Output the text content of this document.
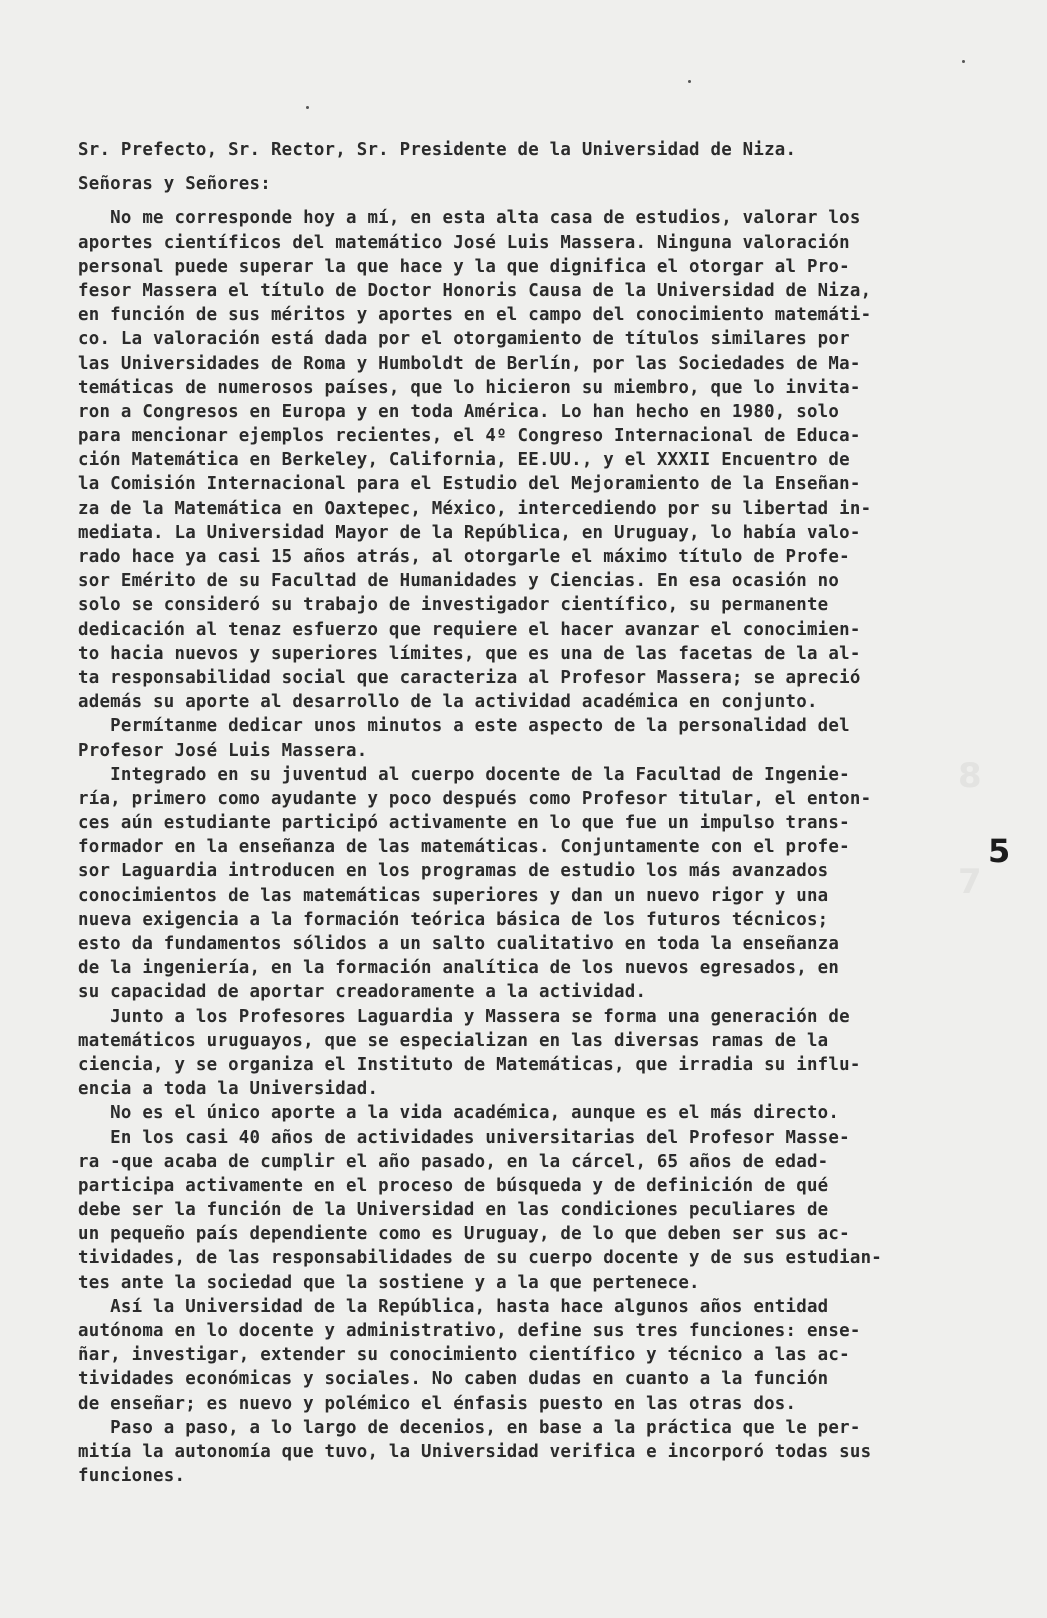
8
7
Sr. Prefecto, Sr. Rector, Sr. Presidente de la Universidad de Niza.
Señoras y Señores:
No me corresponde hoy a mí, en esta alta casa de estudios, valorar los
aportes científicos del matemático José Luis Massera. Ninguna valoración
personal puede superar la que hace y la que dignifica el otorgar al Pro-
fesor Massera el título de Doctor Honoris Causa de la Universidad de Niza,
en función de sus méritos y aportes en el campo del conocimiento matemáti-
co. La valoración está dada por el otorgamiento de títulos similares por
las Universidades de Roma y Humboldt de Berlín, por las Sociedades de Ma-
temáticas de numerosos países, que lo hicieron su miembro, que lo invita-
ron a Congresos en Europa y en toda América. Lo han hecho en 1980, solo
para mencionar ejemplos recientes, el 4º Congreso Internacional de Educa-
ción Matemática en Berkeley, California, EE.UU., y el XXXII Encuentro de
la Comisión Internacional para el Estudio del Mejoramiento de la Enseñan-
za de la Matemática en Oaxtepec, México, intercediendo por su libertad in-
mediata. La Universidad Mayor de la República, en Uruguay, lo había valo-
rado hace ya casi 15 años atrás, al otorgarle el máximo título de Profe-
sor Emérito de su Facultad de Humanidades y Ciencias. En esa ocasión no
solo se consideró su trabajo de investigador científico, su permanente
dedicación al tenaz esfuerzo que requiere el hacer avanzar el conocimien-
to hacia nuevos y superiores límites, que es una de las facetas de la al-
ta responsabilidad social que caracteriza al Profesor Massera; se apreció
además su aporte al desarrollo de la actividad académica en conjunto.
Permítanme dedicar unos minutos a este aspecto de la personalidad del
Profesor José Luis Massera.
Integrado en su juventud al cuerpo docente de la Facultad de Ingenie-
ría, primero como ayudante y poco después como Profesor titular, el enton-
ces aún estudiante participó activamente en lo que fue un impulso trans-
formador en la enseñanza de las matemáticas. Conjuntamente con el profe-
sor Laguardia introducen en los programas de estudio los más avanzados
conocimientos de las matemáticas superiores y dan un nuevo rigor y una
nueva exigencia a la formación teórica básica de los futuros técnicos;
esto da fundamentos sólidos a un salto cualitativo en toda la enseñanza
de la ingeniería, en la formación analítica de los nuevos egresados, en
su capacidad de aportar creadoramente a la actividad.
Junto a los Profesores Laguardia y Massera se forma una generación de
matemáticos uruguayos, que se especializan en las diversas ramas de la
ciencia, y se organiza el Instituto de Matemáticas, que irradia su influ-
encia a toda la Universidad.
No es el único aporte a la vida académica, aunque es el más directo.
En los casi 40 años de actividades universitarias del Profesor Masse-
ra -que acaba de cumplir el año pasado, en la cárcel, 65 años de edad-
participa activamente en el proceso de búsqueda y de definición de qué
debe ser la función de la Universidad en las condiciones peculiares de
un pequeño país dependiente como es Uruguay, de lo que deben ser sus ac-
tividades, de las responsabilidades de su cuerpo docente y de sus estudian-
tes ante la sociedad que la sostiene y a la que pertenece.
Así la Universidad de la República, hasta hace algunos años entidad
autónoma en lo docente y administrativo, define sus tres funciones: ense-
ñar, investigar, extender su conocimiento científico y técnico a las ac-
tividades económicas y sociales. No caben dudas en cuanto a la función
de enseñar; es nuevo y polémico el énfasis puesto en las otras dos.
Paso a paso, a lo largo de decenios, en base a la práctica que le per-
mitía la autonomía que tuvo, la Universidad verifica e incorporó todas sus
funciones.
5
